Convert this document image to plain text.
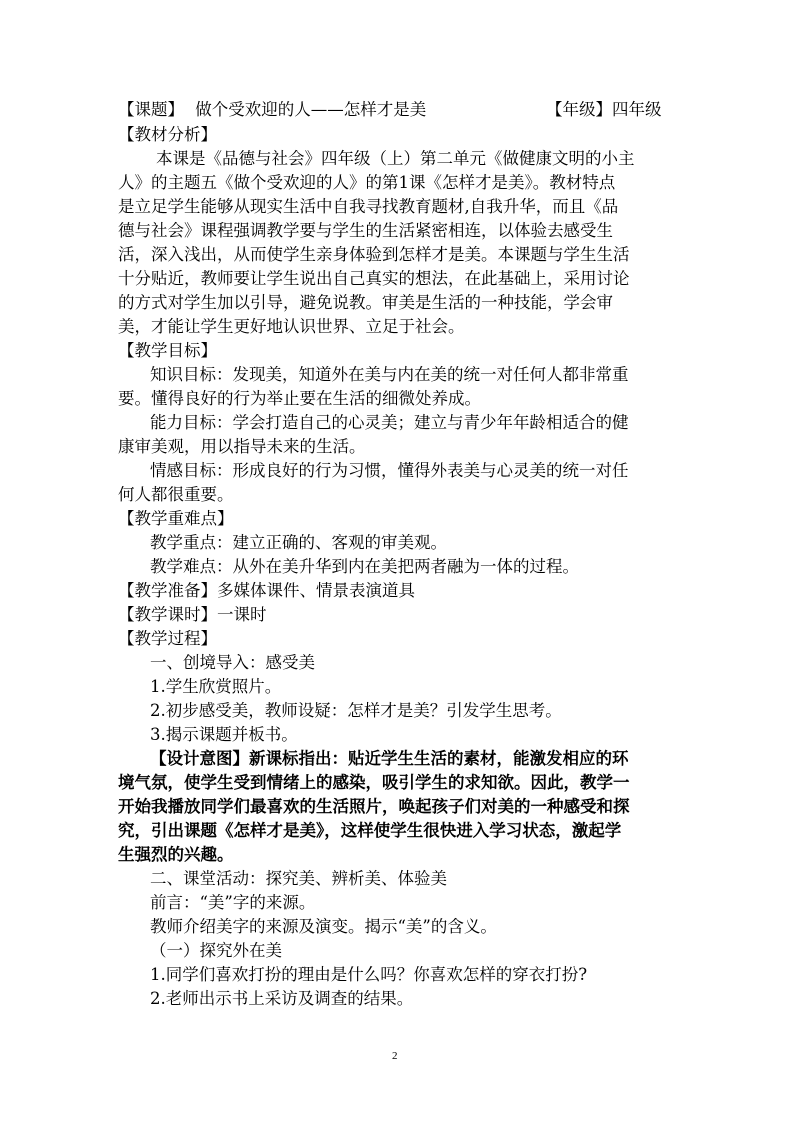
【课题】 做个受欢迎的人——怎样才是美	【年级】四年级
【教材分析】
本课是《品德与社会》四年级（上）第二单元《做健康文明的小主
人》的主题五《做个受欢迎的人》的第1课《怎样才是美》。教材特点
是立足学生能够从现实生活中自我寻找教育题材,自我升华，而且《品
德与社会》课程强调教学要与学生的生活紧密相连，以体验去感受生
活，深入浅出，从而使学生亲身体验到怎样才是美。本课题与学生生活
十分贴近，教师要让学生说出自己真实的想法，在此基础上，采用讨论
的方式对学生加以引导，避免说教。审美是生活的一种技能，学会审
美，才能让学生更好地认识世界、立足于社会。
【教学目标】
知识目标：发现美，知道外在美与内在美的统一对任何人都非常重
要。懂得良好的行为举止要在生活的细微处养成。
能力目标：学会打造自己的心灵美；建立与青少年年龄相适合的健
康审美观，用以指导未来的生活。
情感目标：形成良好的行为习惯，懂得外表美与心灵美的统一对任
何人都很重要。
【教学重难点】
教学重点：建立正确的、客观的审美观。
教学难点：从外在美升华到内在美把两者融为一体的过程。
【教学准备】多媒体课件、情景表演道具
【教学课时】一课时
【教学过程】
一、创境导入：感受美
1.学生欣赏照片。
2.初步感受美，教师设疑：怎样才是美？引发学生思考。
3.揭示课题并板书。
【设计意图】新课标指出：贴近学生生活的素材，能激发相应的环
境气氛，使学生受到情绪上的感染，吸引学生的求知欲。因此，教学一
开始我播放同学们最喜欢的生活照片，唤起孩子们对美的一种感受和探
究，引出课题《怎样才是美》，这样使学生很快进入学习状态，激起学
生强烈的兴趣。
二、课堂活动：探究美、辨析美、体验美
前言：“美”字的来源。
教师介绍美字的来源及演变。揭示“美”的含义。
（一）探究外在美
1.同学们喜欢打扮的理由是什么吗？你喜欢怎样的穿衣打扮?
2.老师出示书上采访及调查的结果。
2
